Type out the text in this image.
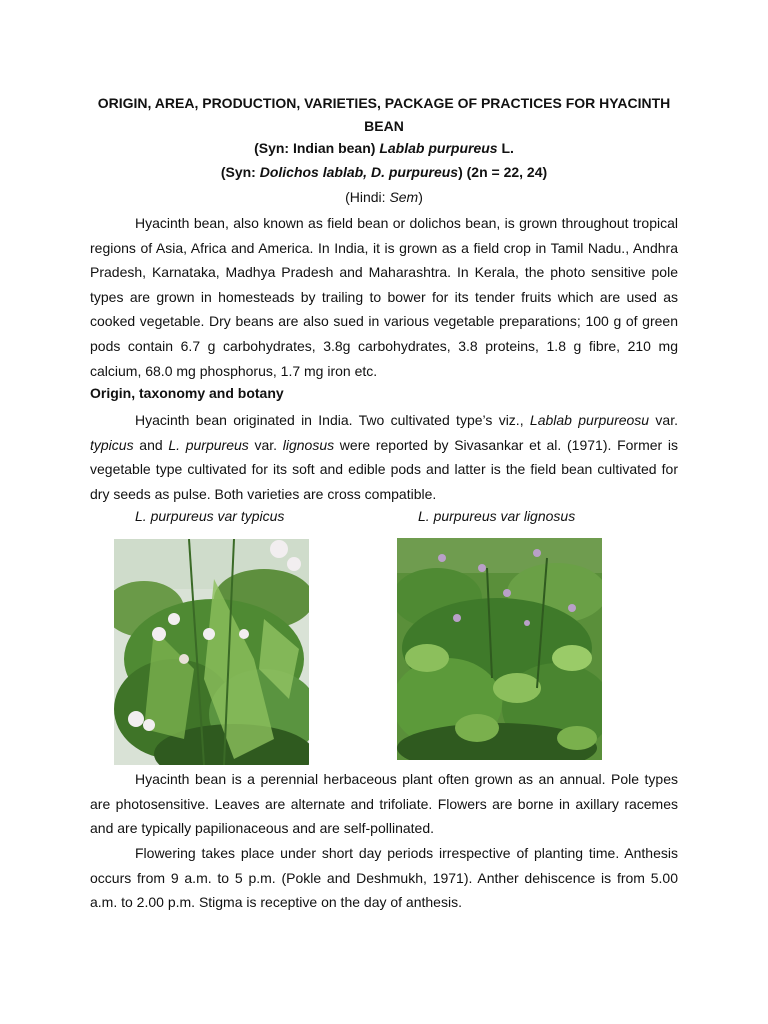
ORIGIN, AREA, PRODUCTION, VARIETIES, PACKAGE OF PRACTICES FOR HYACINTH BEAN
(Syn: Indian bean) Lablab purpureus L.
(Syn: Dolichos lablab, D. purpureus) (2n = 22, 24)
(Hindi: Sem)

Hyacinth bean, also known as field bean or dolichos bean, is grown throughout tropical regions of Asia, Africa and America. In India, it is grown as a field crop in Tamil Nadu., Andhra Pradesh, Karnataka, Madhya Pradesh and Maharashtra. In Kerala, the photo sensitive pole types are grown in homesteads by trailing to bower for its tender fruits which are used as cooked vegetable. Dry beans are also sued in various vegetable preparations; 100 g of green pods contain 6.7 g carbohydrates, 3.8g carbohydrates, 3.8 proteins, 1.8 g fibre, 210 mg calcium, 68.0 mg phosphorus, 1.7 mg iron etc.

Origin, taxonomy and botany

Hyacinth bean originated in India. Two cultivated type’s viz., Lablab purpureosu var. typicus and L. purpureus var. lignosus were reported by Sivasankar et al. (1971). Former is vegetable type cultivated for its soft and edible pods and latter is the field bean cultivated for dry seeds as pulse. Both varieties are cross compatible.

L. purpureus var typicus	L. purpureus var lignosus

Hyacinth bean is a perennial herbaceous plant often grown as an annual. Pole types are photosensitive. Leaves are alternate and trifoliate. Flowers are borne in axillary racemes and are typically papilionaceous and are self-pollinated.

Flowering takes place under short day periods irrespective of planting time. Anthesis occurs from 9 a.m. to 5 p.m. (Pokle and Deshmukh, 1971). Anther dehiscence is from 5.00 a.m. to 2.00 p.m. Stigma is receptive on the day of anthesis.
